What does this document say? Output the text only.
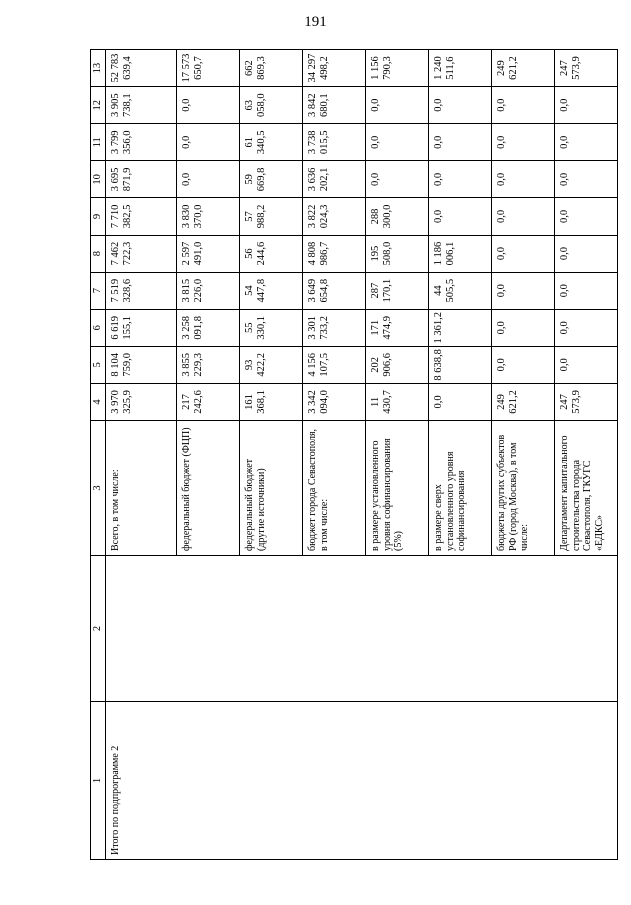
191
1	2	3	4	5	6	7	8	9	10	11	12	13
Итого по подпрограмме 2		Всего, в том числе:	3 970 325,9	8 104 759,0	6 619 155,1	7 519 328,6	7 462 722,3	7 710 382,5	3 695 871,9	3 799 356,0	3 905 738,1	52 783 639,4
		федеральный бюджет (ФЦП)	217 242,6	3 855 229,3	3 258 091,8	3 815 226,0	2 597 491,0	3 830 370,0	0,0	0,0	0,0	17 573 650,7
		федеральный бюджет (другие источники)	161 368,1	93 422,2	55 330,1	54 447,8	56 244,6	57 988,2	59 669,8	61 340,5	63 058,0	662 869,3
		бюджет города Севастополя, в том числе:	3 342 094,0	4 156 107,5	3 301 733,2	3 649 654,8	4 808 986,7	3 822 024,3	3 636 202,1	3 738 015,5	3 842 680,1	34 297 498,2
		в размере установленного уровня софинансирования (5%)	11 430,7	202 906,6	171 474,9	287 170,1	195 508,0	288 300,0	0,0	0,0	0,0	1 156 790,3
		в размере сверх установленного уровня софинансирования	0,0	8 638,8	1 361,2	44 505,5	1 186 006,1	0,0	0,0	0,0	0,0	1 240 511,6
		бюджеты других субъектов РФ (город Москва), в том числе:	249 621,2	0,0	0,0	0,0	0,0	0,0	0,0	0,0	0,0	249 621,2
		Департамент капитального строительства города Севастополя, ГКУГС «ЕДКС»	247 573,9	0,0	0,0	0,0	0,0	0,0	0,0	0,0	0,0	247 573,9
